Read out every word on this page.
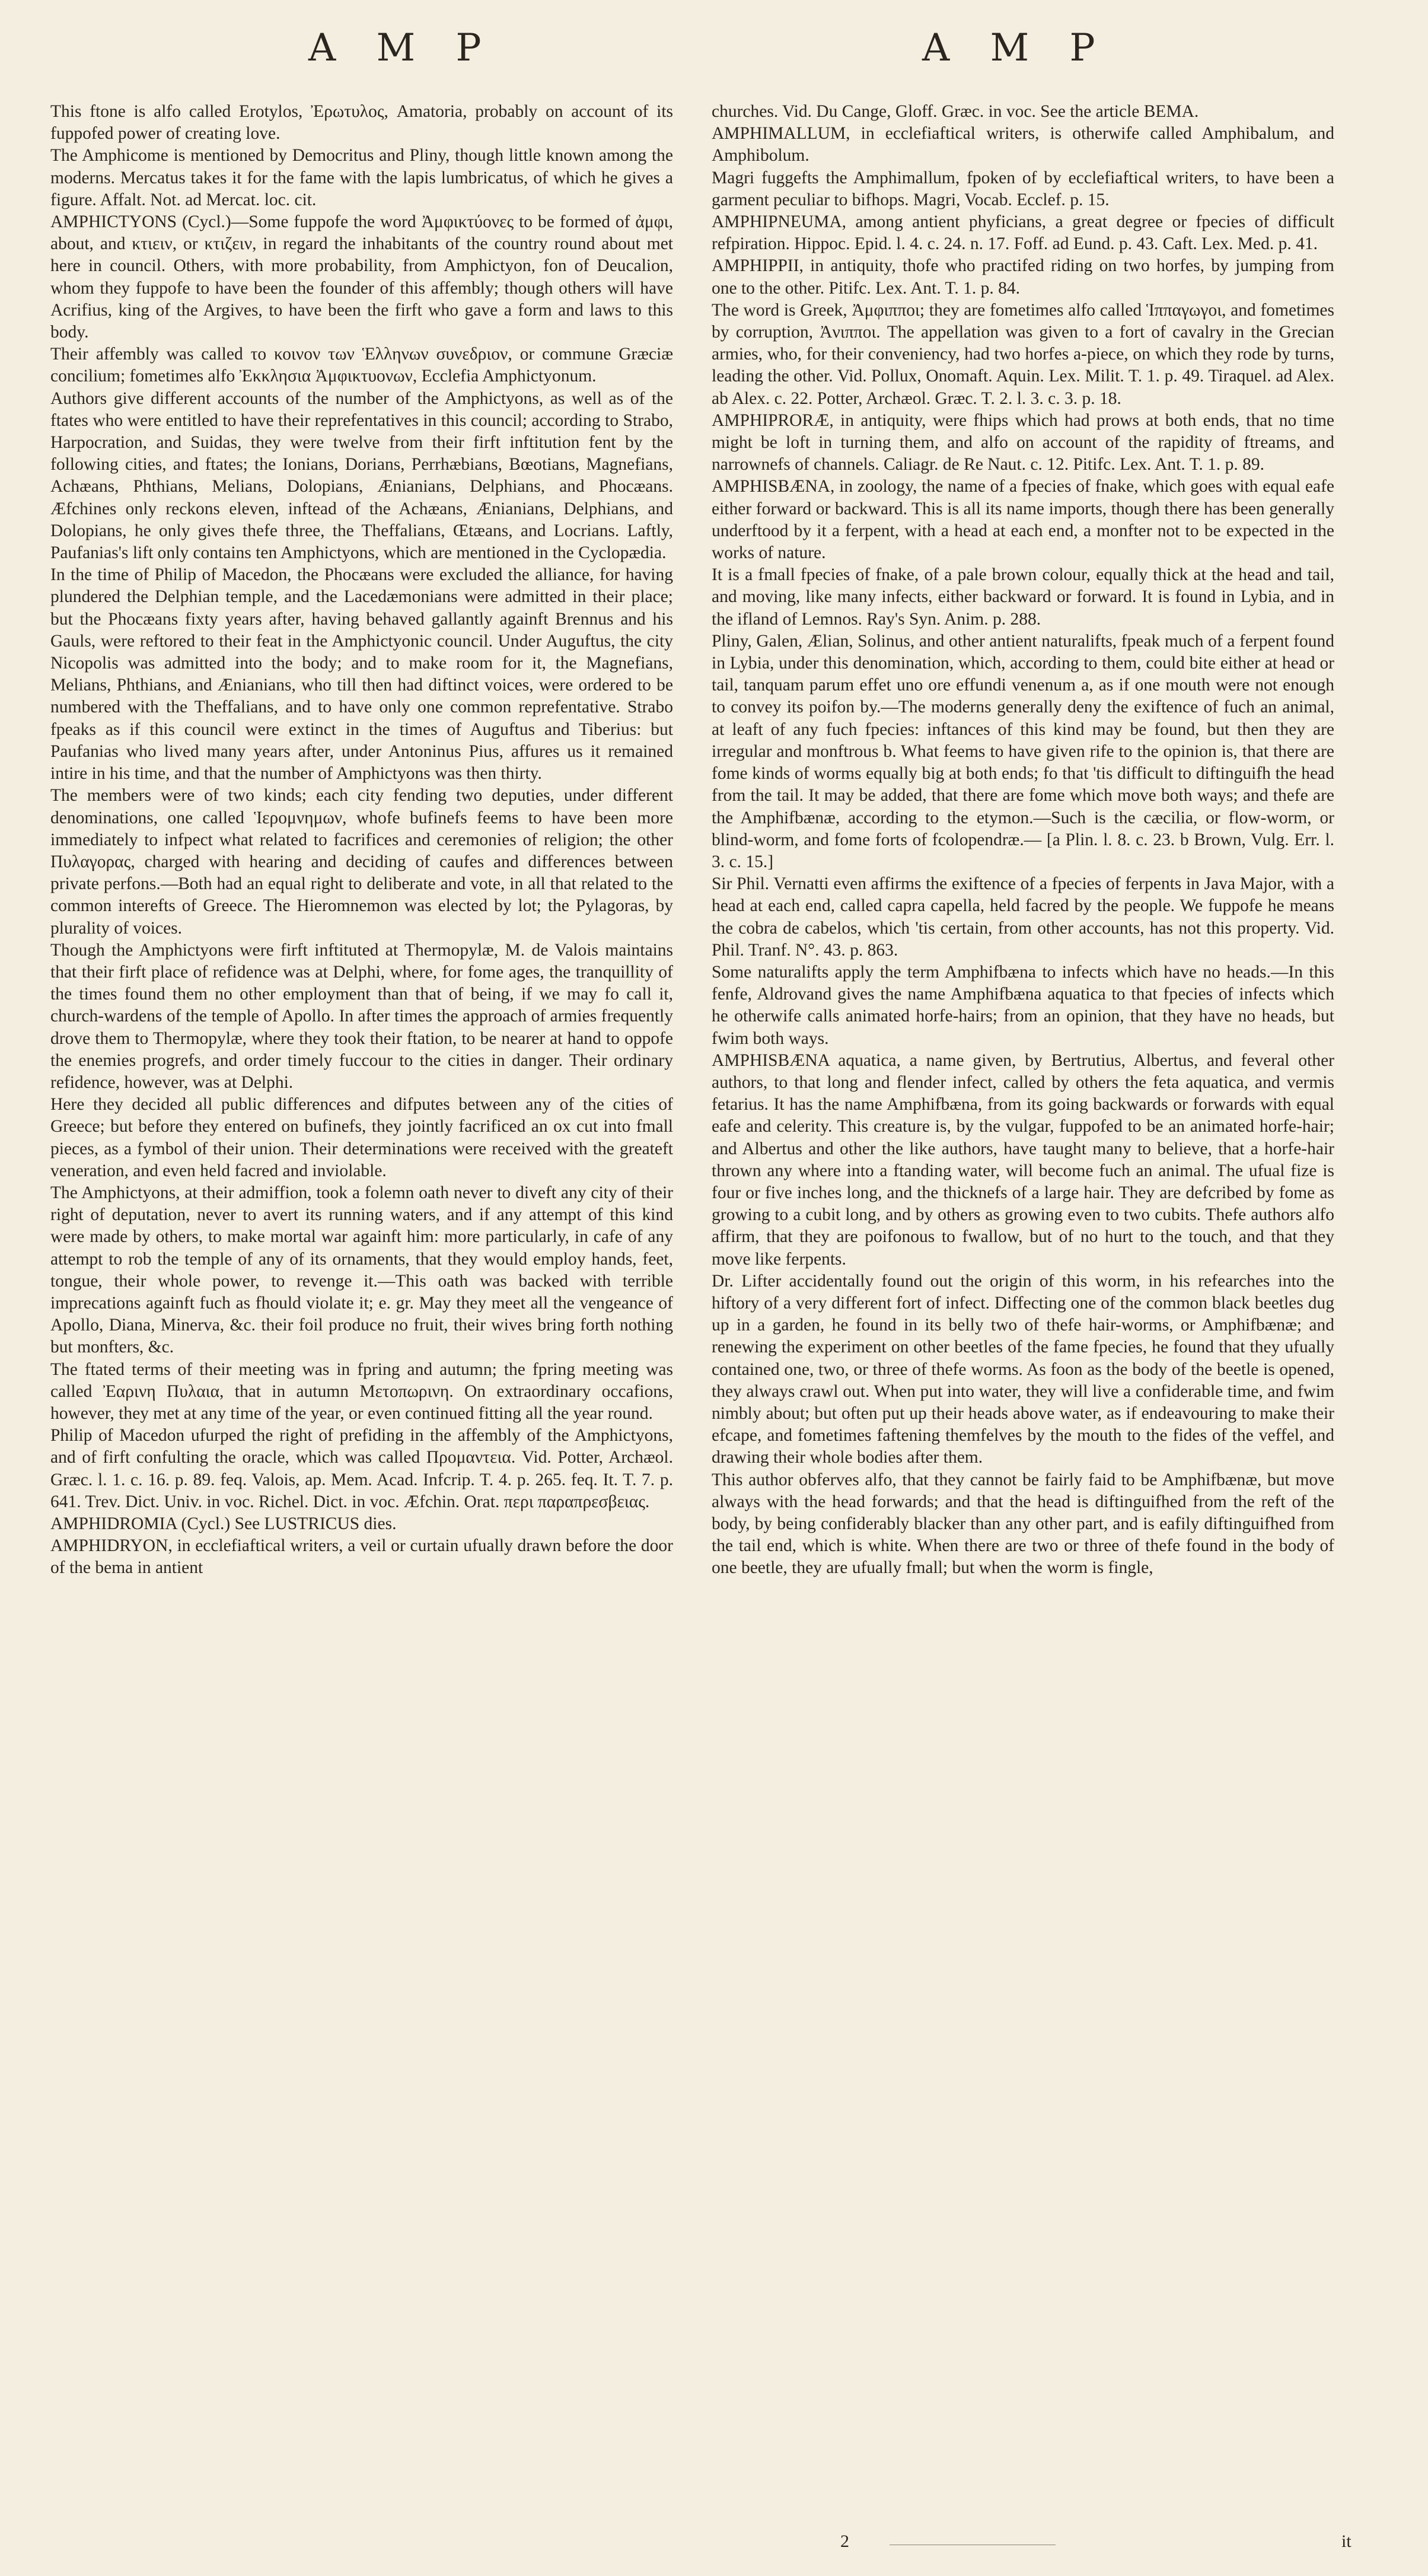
A M P	A M P

This ftone is alfo called Erotylos, Ἐρωτυλος, Amatoria, probably on account of its fuppofed power of creating love.

The Amphicome is mentioned by Democritus and Pliny, though little known among the moderns. Mercatus takes it for the fame with the lapis lumbricatus, of which he gives a figure. Affalt. Not. ad Mercat. loc. cit.

AMPHICTYONS (Cycl.)—Some fuppofe the word Ἀμφικτύονες to be formed of ἀμφι, about, and κτιειν, or κτιζειν, in regard the inhabitants of the country round about met here in council. Others, with more probability, from Amphictyon, fon of Deucalion, whom they fuppofe to have been the founder of this affembly; though others will have Acrifius, king of the Argives, to have been the firft who gave a form and laws to this body.

Their affembly was called το κοινον των Ἑλληνων συνεδριον, or commune Græciæ concilium; fometimes alfo Ἐκκλησια Ἀμφικτυονων, Ecclefia Amphictyonum.

Authors give different accounts of the number of the Amphictyons, as well as of the ftates who were entitled to have their reprefentatives in this council; according to Strabo, Harpocration, and Suidas, they were twelve from their firft inftitution fent by the following cities, and ftates; the Ionians, Dorians, Perrhæbians, Bœotians, Magnefians, Achæans, Phthians, Melians, Dolopians, Ænianians, Delphians, and Phocæans. Æfchines only reckons eleven, inftead of the Achæans, Ænianians, Delphians, and Dolopians, he only gives thefe three, the Theffalians, Œtæans, and Locrians. Laftly, Paufanias's lift only contains ten Amphictyons, which are mentioned in the Cyclopædia.

In the time of Philip of Macedon, the Phocæans were excluded the alliance, for having plundered the Delphian temple, and the Lacedæmonians were admitted in their place; but the Phocæans fixty years after, having behaved gallantly againft Brennus and his Gauls, were reftored to their feat in the Amphictyonic council. Under Auguftus, the city Nicopolis was admitted into the body; and to make room for it, the Magnefians, Melians, Phthians, and Ænianians, who till then had diftinct voices, were ordered to be numbered with the Theffalians, and to have only one common reprefentative. Strabo fpeaks as if this council were extinct in the times of Auguftus and Tiberius: but Paufanias who lived many years after, under Antoninus Pius, affures us it remained intire in his time, and that the number of Amphictyons was then thirty.

The members were of two kinds; each city fending two deputies, under different denominations, one called Ἱερομνημων, whofe bufinefs feems to have been more immediately to infpect what related to facrifices and ceremonies of religion; the other Πυλαγορας, charged with hearing and deciding of caufes and differences between private perfons.—Both had an equal right to deliberate and vote, in all that related to the common interefts of Greece. The Hieromnemon was elected by lot; the Pylagoras, by plurality of voices.

Though the Amphictyons were firft inftituted at Thermopylæ, M. de Valois maintains that their firft place of refidence was at Delphi, where, for fome ages, the tranquillity of the times found them no other employment than that of being, if we may fo call it, church-wardens of the temple of Apollo. In after times the approach of armies frequently drove them to Thermopylæ, where they took their ftation, to be nearer at hand to oppofe the enemies progrefs, and order timely fuccour to the cities in danger. Their ordinary refidence, however, was at Delphi.

Here they decided all public differences and difputes between any of the cities of Greece; but before they entered on bufinefs, they jointly facrificed an ox cut into fmall pieces, as a fymbol of their union. Their determinations were received with the greateft veneration, and even held facred and inviolable.

The Amphictyons, at their admiffion, took a folemn oath never to diveft any city of their right of deputation, never to avert its running waters, and if any attempt of this kind were made by others, to make mortal war againft him: more particularly, in cafe of any attempt to rob the temple of any of its ornaments, that they would employ hands, feet, tongue, their whole power, to revenge it.—This oath was backed with terrible imprecations againft fuch as fhould violate it; e. gr. May they meet all the vengeance of Apollo, Diana, Minerva, &c. their foil produce no fruit, their wives bring forth nothing but monfters, &c.

The ftated terms of their meeting was in fpring and autumn; the fpring meeting was called Ἐαρινη Πυλαια, that in autumn Μετοπωρινη. On extraordinary occafions, however, they met at any time of the year, or even continued fitting all the year round.

Philip of Macedon ufurped the right of prefiding in the affembly of the Amphictyons, and of firft confulting the oracle, which was called Προμαντεια. Vid. Potter, Archæol. Græc. l. 1. c. 16. p. 89. feq. Valois, ap. Mem. Acad. Infcrip. T. 4. p. 265. feq. It. T. 7. p. 641. Trev. Dict. Univ. in voc. Richel. Dict. in voc. Æfchin. Orat. περι παραπρεσβειας.

AMPHIDROMIA (Cycl.) See LUSTRICUS dies.

AMPHIDRYON, in ecclefiaftical writers, a veil or curtain ufually drawn before the door of the bema in antient

churches. Vid. Du Cange, Gloff. Græc. in voc. See the article BEMA.

AMPHIMALLUM, in ecclefiaftical writers, is otherwife called Amphibalum, and Amphibolum.

Magri fuggefts the Amphimallum, fpoken of by ecclefiaftical writers, to have been a garment peculiar to bifhops. Magri, Vocab. Ecclef. p. 15.

AMPHIPNEUMA, among antient phyficians, a great degree or fpecies of difficult refpiration. Hippoc. Epid. l. 4. c. 24. n. 17. Foff. ad Eund. p. 43. Caft. Lex. Med. p. 41.

AMPHIPPII, in antiquity, thofe who practifed riding on two horfes, by jumping from one to the other. Pitifc. Lex. Ant. T. 1. p. 84.

The word is Greek, Ἀμφιπποι; they are fometimes alfo called Ἱππαγωγοι, and fometimes by corruption, Ἀνιπποι. The appellation was given to a fort of cavalry in the Grecian armies, who, for their conveniency, had two horfes a-piece, on which they rode by turns, leading the other. Vid. Pollux, Onomaft. Aquin. Lex. Milit. T. 1. p. 49. Tiraquel. ad Alex. ab Alex. c. 22. Potter, Archæol. Græc. T. 2. l. 3. c. 3. p. 18.

AMPHIPRORÆ, in antiquity, were fhips which had prows at both ends, that no time might be loft in turning them, and alfo on account of the rapidity of ftreams, and narrownefs of channels. Caliagr. de Re Naut. c. 12. Pitifc. Lex. Ant. T. 1. p. 89.

AMPHISBÆNA, in zoology, the name of a fpecies of fnake, which goes with equal eafe either forward or backward. This is all its name imports, though there has been generally underftood by it a ferpent, with a head at each end, a monfter not to be expected in the works of nature.

It is a fmall fpecies of fnake, of a pale brown colour, equally thick at the head and tail, and moving, like many infects, either backward or forward. It is found in Lybia, and in the ifland of Lemnos. Ray's Syn. Anim. p. 288.

Pliny, Galen, Ælian, Solinus, and other antient naturalifts, fpeak much of a ferpent found in Lybia, under this denomination, which, according to them, could bite either at head or tail, tanquam parum effet uno ore effundi venenum a, as if one mouth were not enough to convey its poifon by.—The moderns generally deny the exiftence of fuch an animal, at leaft of any fuch fpecies: inftances of this kind may be found, but then they are irregular and monftrous b. What feems to have given rife to the opinion is, that there are fome kinds of worms equally big at both ends; fo that 'tis difficult to diftinguifh the head from the tail. It may be added, that there are fome which move both ways; and thefe are the Amphifbænæ, according to the etymon.—Such is the cæcilia, or flow-worm, or blind-worm, and fome forts of fcolopendræ.— [a Plin. l. 8. c. 23. b Brown, Vulg. Err. l. 3. c. 15.]

Sir Phil. Vernatti even affirms the exiftence of a fpecies of ferpents in Java Major, with a head at each end, called capra capella, held facred by the people. We fuppofe he means the cobra de cabelos, which 'tis certain, from other accounts, has not this property. Vid. Phil. Tranf. N°. 43. p. 863.

Some naturalifts apply the term Amphifbæna to infects which have no heads.—In this fenfe, Aldrovand gives the name Amphifbæna aquatica to that fpecies of infects which he otherwife calls animated horfe-hairs; from an opinion, that they have no heads, but fwim both ways.

AMPHISBÆNA aquatica, a name given, by Bertrutius, Albertus, and feveral other authors, to that long and flender infect, called by others the feta aquatica, and vermis fetarius. It has the name Amphifbæna, from its going backwards or forwards with equal eafe and celerity. This creature is, by the vulgar, fuppofed to be an animated horfe-hair; and Albertus and other the like authors, have taught many to believe, that a horfe-hair thrown any where into a ftanding water, will become fuch an animal. The ufual fize is four or five inches long, and the thicknefs of a large hair. They are defcribed by fome as growing to a cubit long, and by others as growing even to two cubits. Thefe authors alfo affirm, that they are poifonous to fwallow, but of no hurt to the touch, and that they move like ferpents.

Dr. Lifter accidentally found out the origin of this worm, in his refearches into the hiftory of a very different fort of infect. Diffecting one of the common black beetles dug up in a garden, he found in its belly two of thefe hair-worms, or Amphifbænæ; and renewing the experiment on other beetles of the fame fpecies, he found that they ufually contained one, two, or three of thefe worms. As foon as the body of the beetle is opened, they always crawl out. When put into water, they will live a confiderable time, and fwim nimbly about; but often put up their heads above water, as if endeavouring to make their efcape, and fometimes faftening themfelves by the mouth to the fides of the veffel, and drawing their whole bodies after them.

This author obferves alfo, that they cannot be fairly faid to be Amphifbænæ, but move always with the head forwards; and that the head is diftinguifhed from the reft of the body, by being confiderably blacker than any other part, and is eafily diftinguifhed from the tail end, which is white. When there are two or three of thefe found in the body of one beetle, they are ufually fmall; but when the worm is fingle,

2	it
